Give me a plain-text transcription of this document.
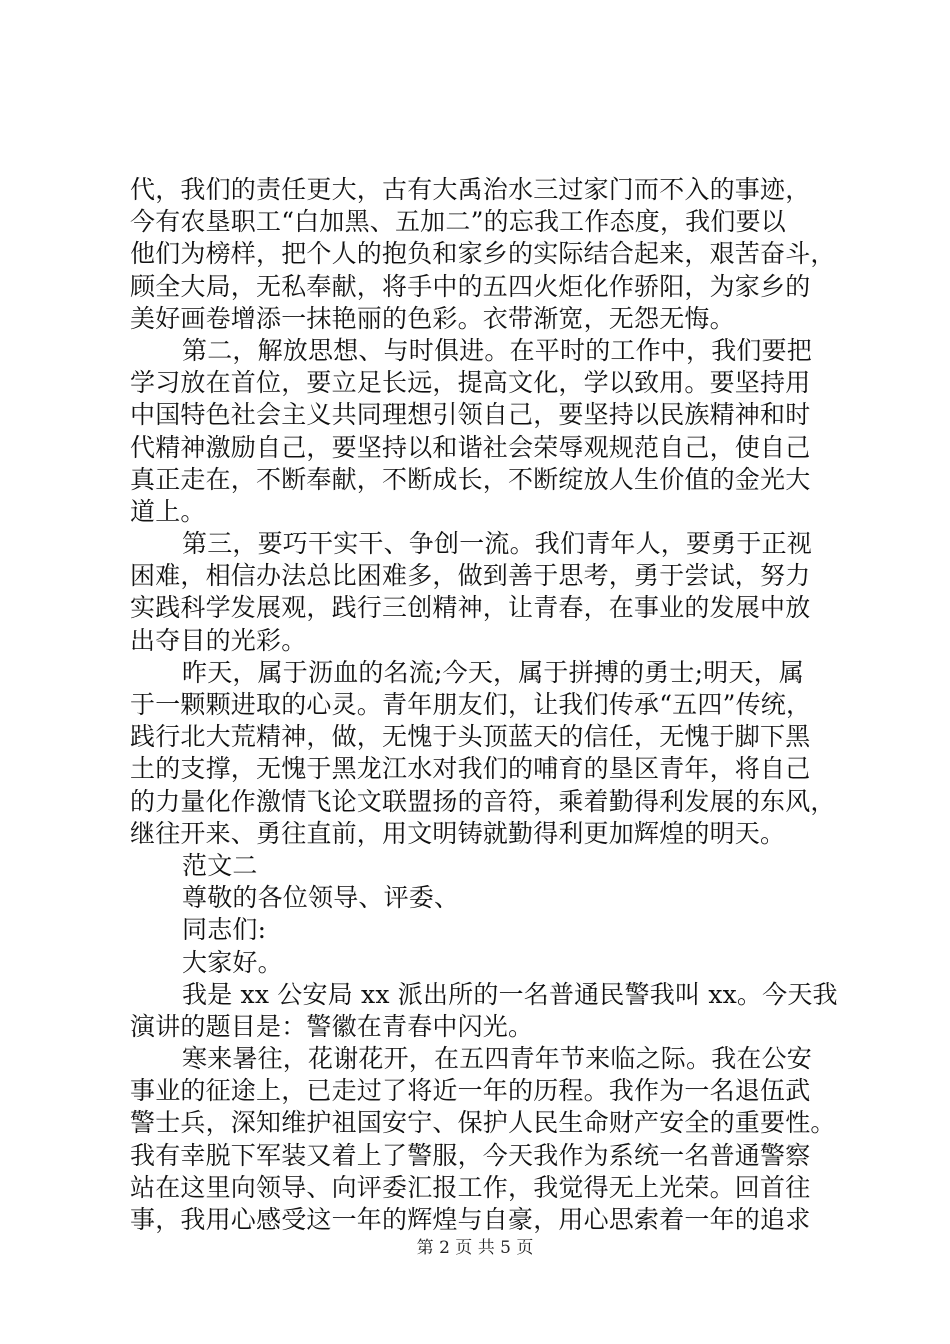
代，我们的责任更大，古有大禹治水三过家门而不入的事迹，
今有农垦职工“白加黑、五加二”的忘我工作态度，我们要以
他们为榜样，把个人的抱负和家乡的实际结合起来，艰苦奋斗，
顾全大局，无私奉献，将手中的五四火炬化作骄阳，为家乡的
美好画卷增添一抹艳丽的色彩。衣带渐宽，无怨无悔。
第二，解放思想、与时俱进。在平时的工作中，我们要把
学习放在首位，要立足长远，提高文化，学以致用。要坚持用
中国特色社会主义共同理想引领自己，要坚持以民族精神和时
代精神激励自己，要坚持以和谐社会荣辱观规范自己，使自己
真正走在，不断奉献，不断成长，不断绽放人生价值的金光大
道上。
第三，要巧干实干、争创一流。我们青年人，要勇于正视
困难，相信办法总比困难多，做到善于思考，勇于尝试，努力
实践科学发展观，践行三创精神，让青春，在事业的发展中放
出夺目的光彩。
昨天，属于沥血的名流;今天，属于拼搏的勇士;明天，属
于一颗颗进取的心灵。青年朋友们，让我们传承“五四”传统，
践行北大荒精神，做，无愧于头顶蓝天的信任，无愧于脚下黑
土的支撑，无愧于黑龙江水对我们的哺育的垦区青年，将自己
的力量化作激情飞论文联盟扬的音符，乘着勤得利发展的东风，
继往开来、勇往直前，用文明铸就勤得利更加辉煌的明天。
范文二
尊敬的各位领导、评委、
同志们:
大家好。
我是 xx 公安局 xx 派出所的一名普通民警我叫 xx。今天我
演讲的题目是：警徽在青春中闪光。
寒来暑往，花谢花开，在五四青年节来临之际。我在公安
事业的征途上，已走过了将近一年的历程。我作为一名退伍武
警士兵，深知维护祖国安宁、保护人民生命财产安全的重要性。
我有幸脱下军装又着上了警服，今天我作为系统一名普通警察
站在这里向领导、向评委汇报工作，我觉得无上光荣。回首往
事，我用心感受这一年的辉煌与自豪，用心思索着一年的追求
第 2 页 共 5 页
